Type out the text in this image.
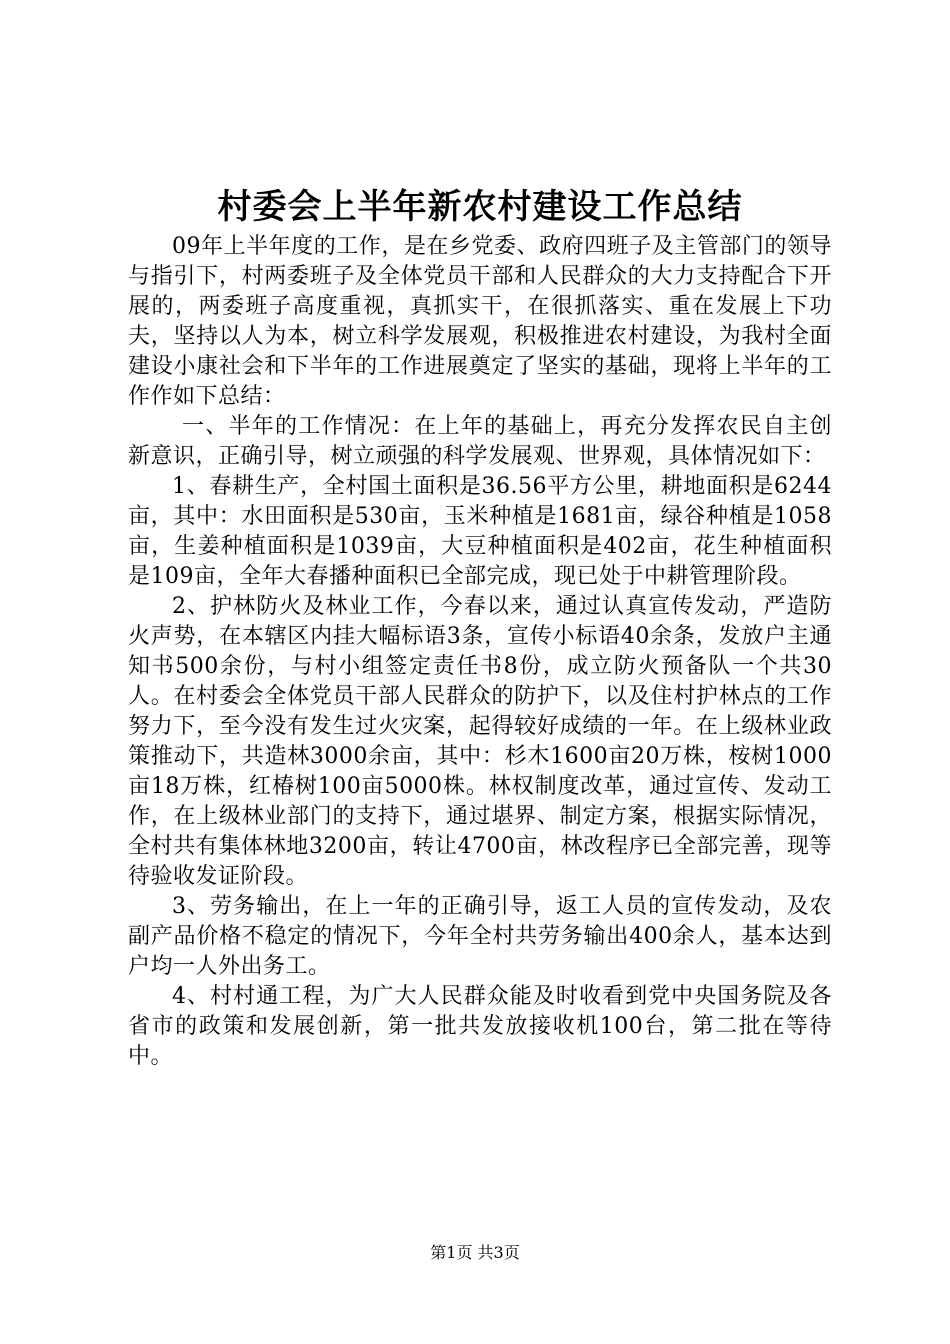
村委会上半年新农村建设工作总结

09年上半年度的工作，是在乡党委、政府四班子及主管部门的领导与指引下，村两委班子及全体党员干部和人民群众的大力支持配合下开展的，两委班子高度重视，真抓实干，在很抓落实、重在发展上下功夫，坚持以人为本，树立科学发展观，积极推进农村建设，为我村全面建设小康社会和下半年的工作进展奠定了坚实的基础，现将上半年的工作作如下总结：

一、半年的工作情况：在上年的基础上，再充分发挥农民自主创新意识，正确引导，树立顽强的科学发展观、世界观，具体情况如下：

1、春耕生产，全村国土面积是36.56平方公里，耕地面积是6244亩，其中：水田面积是530亩，玉米种植是1681亩，绿谷种植是1058亩，生姜种植面积是1039亩，大豆种植面积是402亩，花生种植面积是109亩，全年大春播种面积已全部完成，现已处于中耕管理阶段。

2、护林防火及林业工作，今春以来，通过认真宣传发动，严造防火声势，在本辖区内挂大幅标语3条，宣传小标语40余条，发放户主通知书500余份，与村小组签定责任书8份，成立防火预备队一个共30人。在村委会全体党员干部人民群众的防护下，以及住村护林点的工作努力下，至今没有发生过火灾案，起得较好成绩的一年。在上级林业政策推动下，共造林3000余亩，其中：杉木1600亩20万株，桉树1000亩18万株，红椿树100亩5000株。林权制度改革，通过宣传、发动工作，在上级林业部门的支持下，通过堪界、制定方案，根据实际情况，全村共有集体林地3200亩，转让4700亩，林改程序已全部完善，现等待验收发证阶段。

3、劳务输出，在上一年的正确引导，返工人员的宣传发动，及农副产品价格不稳定的情况下，今年全村共劳务输出400余人，基本达到户均一人外出务工。

4、村村通工程，为广大人民群众能及时收看到党中央国务院及各省市的政策和发展创新，第一批共发放接收机100台，第二批在等待中。

第1页 共3页
